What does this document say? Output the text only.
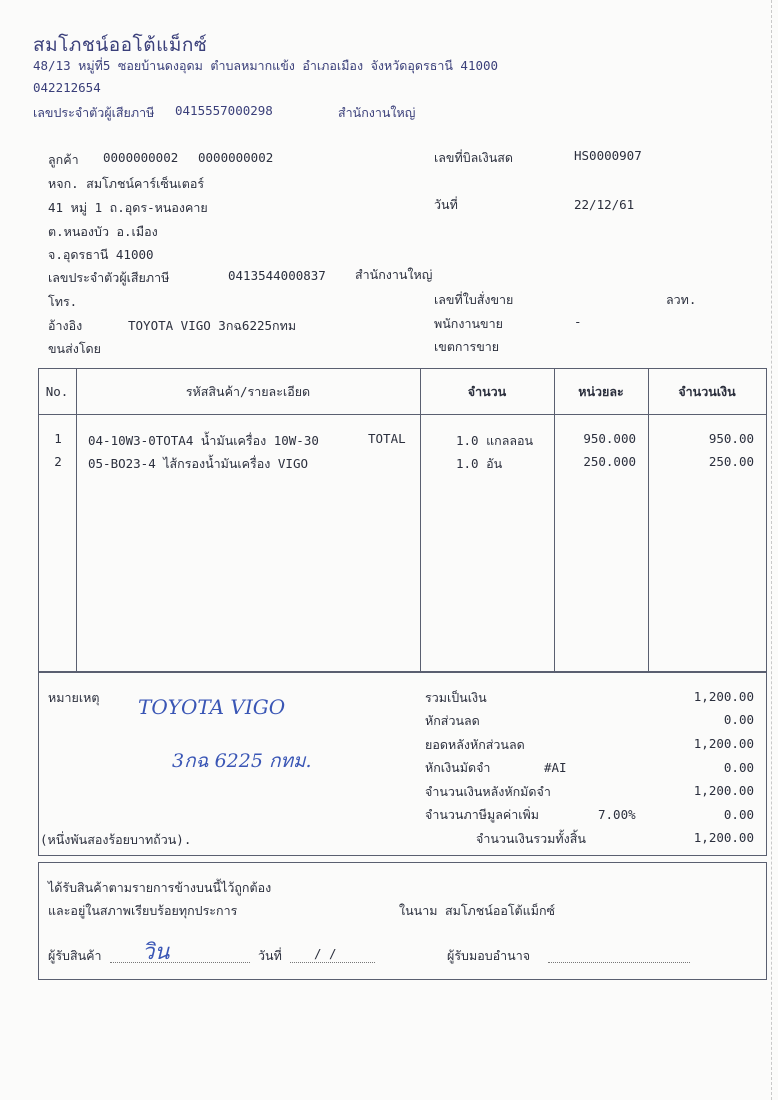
สมโภชน์ออโต้แม็กซ์
48/13 หมู่ที่5 ซอยบ้านดงอุดม ตำบลหมากแข้ง อำเภอเมือง จังหวัดอุดรธานี 41000
042212654
เลขประจำตัวผู้เสียภาษี 0415557000298	สำนักงานใหญ่
ลูกค้า 0000000002 0000000002
หจก. สมโภชน์คาร์เซ็นเตอร์
41 หมู่ 1 ถ.อุดร-หนองคาย
ต.หนองบัว อ.เมือง
จ.อุดรธานี 41000
เลขประจำตัวผู้เสียภาษี	0413544000837 สำนักงานใหญ่
โทร.
อ้างอิง	TOYOTA VIGO 3กฉ6225กทม
ขนส่งโดย
เลขที่บิลเงินสด	HS0000907
วันที่	22/12/61
เลขที่ใบสั่งขาย	ลวท.
พนักงานขาย	-
เขตการขาย
No.	รหัสสินค้า/รายละเอียด	จำนวน	หน่วยละ	จำนวนเงิน
1	04-10W3-0TOTA4 น้ำมันเครื่อง 10W-30	TOTAL	1.0 แกลลอน	950.000	950.00
2	05-BO23-4 ไส้กรองน้ำมันเครื่อง VIGO	1.0 อัน	250.000	250.00
หมายเหตุ TOYOTA VIGO
3กฉ 6225 กทม.
(หนึ่งพันสองร้อยบาทถ้วน).
รวมเป็นเงิน	1,200.00
หักส่วนลด	0.00
ยอดหลังหักส่วนลด	1,200.00
หักเงินมัดจำ	#AI	0.00
จำนวนเงินหลังหักมัดจำ	1,200.00
จำนวนภาษีมูลค่าเพิ่ม	7.00%	0.00
จำนวนเงินรวมทั้งสิ้น	1,200.00
ได้รับสินค้าตามรายการข้างบนนี้ไว้ถูกต้อง
และอยู่ในสภาพเรียบร้อยทุกประการ	ในนาม สมโภชน์ออโต้แม็กซ์
ผู้รับสินค้า วิน	วันที่	/ /	ผู้รับมอบอำนาจ
